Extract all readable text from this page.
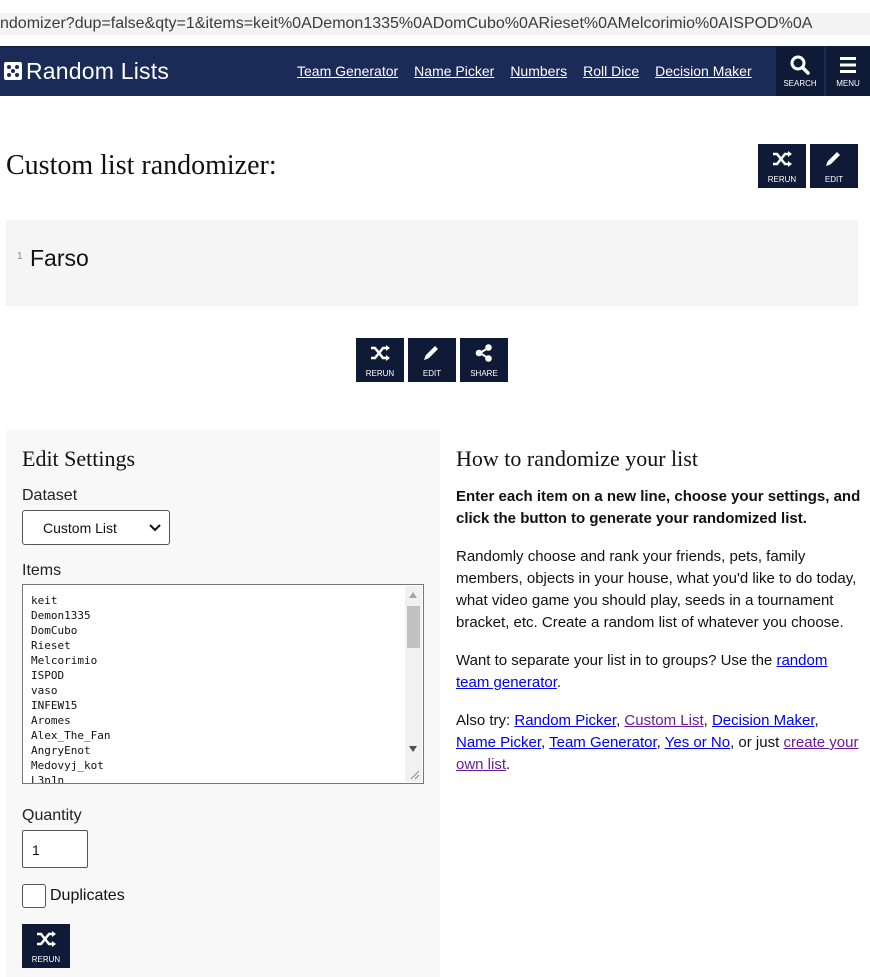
ndomizer?dup=false&qty=1&items=keit%0ADemon1335%0ADomCubo%0ARieset%0AMelcorimio%0AISPOD%0A
Random Lists	Team Generator Name Picker Numbers Roll Dice Decision Maker
SEARCH	MENU
Custom list randomizer:	RERUN	EDIT
1 Farso
RERUN	EDIT	SHARE
Edit Settings
Dataset
Custom List
Items
keit
Demon1335
DomCubo
Rieset
Melcorimio
ISPOD
vaso
INFEW15
Aromes
Alex_The_Fan
AngryEnot
Medovyj_kot
L3n1n
Quantity
1
Duplicates
RERUN
How to randomize your list

Enter each item on a new line, choose your settings, and click the button to generate your randomized list.

Randomly choose and rank your friends, pets, family members, objects in your house, what you'd like to do today, what video game you should play, seeds in a tournament bracket, etc. Create a random list of whatever you choose.

Want to separate your list in to groups? Use the random team generator.

Also try: Random Picker, Custom List, Decision Maker, Name Picker, Team Generator, Yes or No, or just create your own list.
